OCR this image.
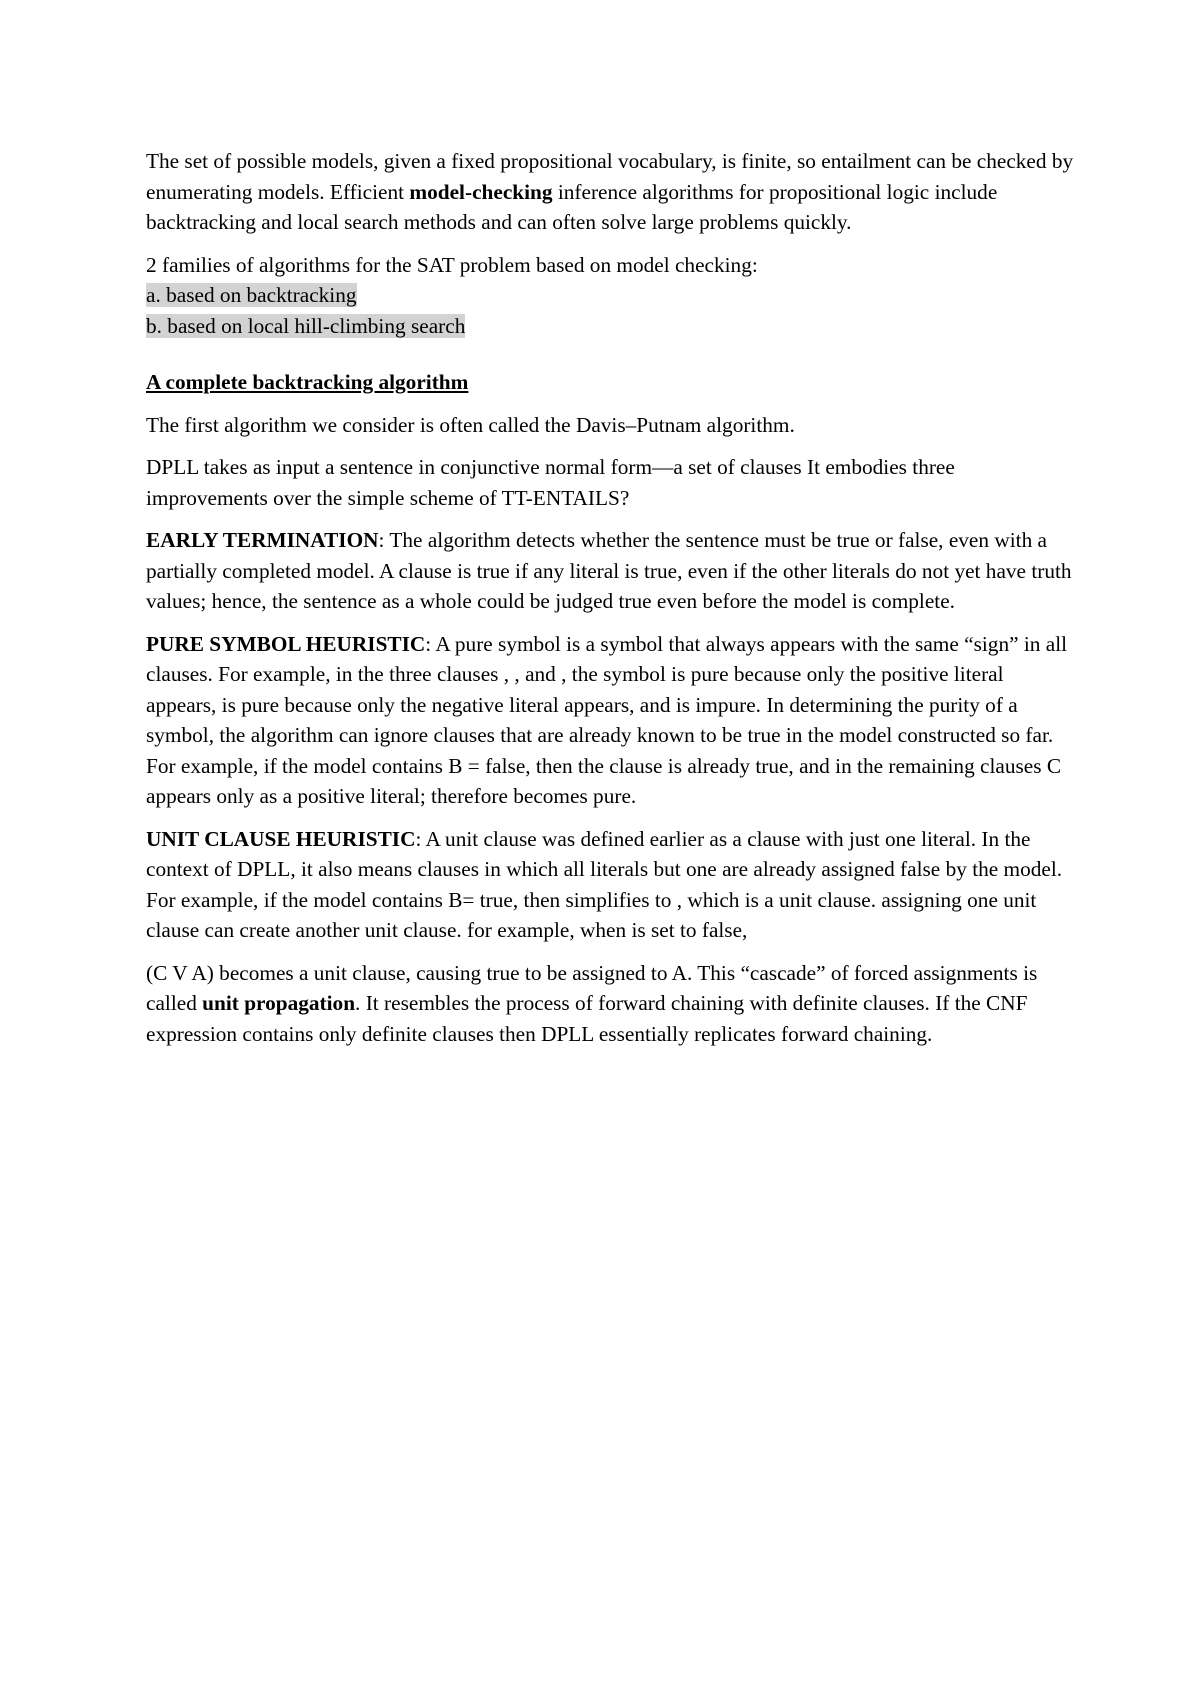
The set of possible models, given a fixed propositional vocabulary, is finite, so entailment can be checked by enumerating models. Efficient model-checking inference algorithms for propositional logic include backtracking and local search methods and can often solve large problems quickly.

2 families of algorithms for the SAT problem based on model checking:

a. based on backtracking
b. based on local hill-climbing search

A complete backtracking algorithm

The first algorithm we consider is often called the Davis–Putnam algorithm.

DPLL takes as input a sentence in conjunctive normal form—a set of clauses It embodies three improvements over the simple scheme of TT-ENTAILS?

EARLY TERMINATION: The algorithm detects whether the sentence must be true or false, even with a partially completed model. A clause is true if any literal is true, even if the other literals do not yet have truth values; hence, the sentence as a whole could be judged true even before the model is complete.

PURE SYMBOL HEURISTIC: A pure symbol is a symbol that always appears with the same “sign” in all clauses. For example, in the three clauses , , and , the symbol is pure because only the positive literal appears, is pure because only the negative literal appears, and is impure. In determining the purity of a symbol, the algorithm can ignore clauses that are already known to be true in the model constructed so far. For example, if the model contains B = false, then the clause is already true, and in the remaining clauses C appears only as a positive literal; therefore becomes pure.

UNIT CLAUSE HEURISTIC: A unit clause was defined earlier as a clause with just one literal. In the context of DPLL, it also means clauses in which all literals but one are already assigned false by the model. For example, if the model contains B= true, then simplifies to , which is a unit clause. assigning one unit clause can create another unit clause. for example, when is set to false,

(C V A) becomes a unit clause, causing true to be assigned to A. This “cascade” of forced assignments is called unit propagation. It resembles the process of forward chaining with definite clauses. If the CNF expression contains only definite clauses then DPLL essentially replicates forward chaining.
